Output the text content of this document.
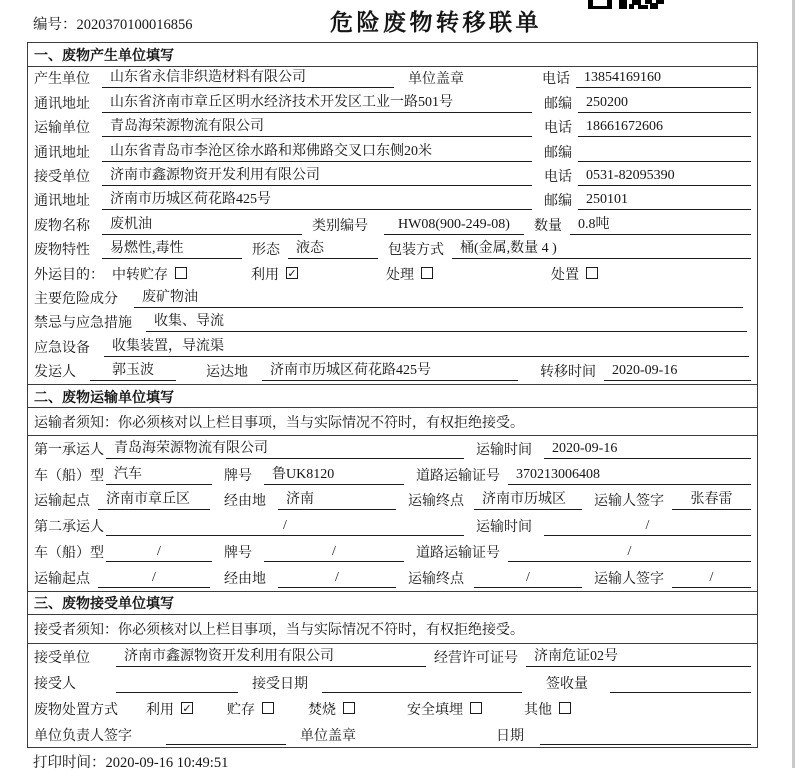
编号：2020370100016856	危险废物转移联单
一、废物产生单位填写
产生单位	山东省永信非织造材料有限公司	单位盖章	电话	13854169160
通讯地址	山东省济南市章丘区明水经济技术开发区工业一路501号	邮编	250200
运输单位	青岛海荣源物流有限公司	电话	18661672606
通讯地址	山东省青岛市李沧区徐水路和郑佛路交叉口东侧20米	邮编
接受单位	济南市鑫源物资开发利用有限公司	电话	0531-82095390
通讯地址	济南市历城区荷花路425号	邮编	250101
废物名称	废机油	类别编号	HW08(900-249-08)	数量	0.8吨
废物特性	易燃性,毒性	形态	液态	包装方式	桶(金属,数量 4 )
外运目的： 中转贮存	利用 ✓	处理	处置
主要危险成分	废矿物油
禁忌与应急措施	收集、导流
应急设备	收集装置，导流渠
发运人	郭玉波	运达地	济南市历城区荷花路425号	转移时间	2020-09-16
二、废物运输单位填写
运输者须知：你必须核对以上栏目事项，当与实际情况不符时，有权拒绝接受。
第一承运人 青岛海荣源物流有限公司	运输时间	2020-09-16
车（船）型 汽车	牌号	鲁UK8120	道路运输证号	370213006408
运输起点	济南市章丘区	经由地	济南	运输终点	济南市历城区	运输人签字	张春雷
第二承运人	/	运输时间	/
车（船）型	/	牌号	/	道路运输证号	/
运输起点	/	经由地	/	运输终点	/	运输人签字	/
三、废物接受单位填写
接受者须知：你必须核对以上栏目事项，当与实际情况不符时，有权拒绝接受。
接受单位	济南市鑫源物资开发利用有限公司	经营许可证号	济南危证02号
接受人	接受日期	签收量
废物处置方式	利用 ✓	贮存	焚烧	安全填埋	其他
单位负责人签字	单位盖章	日期
打印时间：2020-09-16 10:49:51
